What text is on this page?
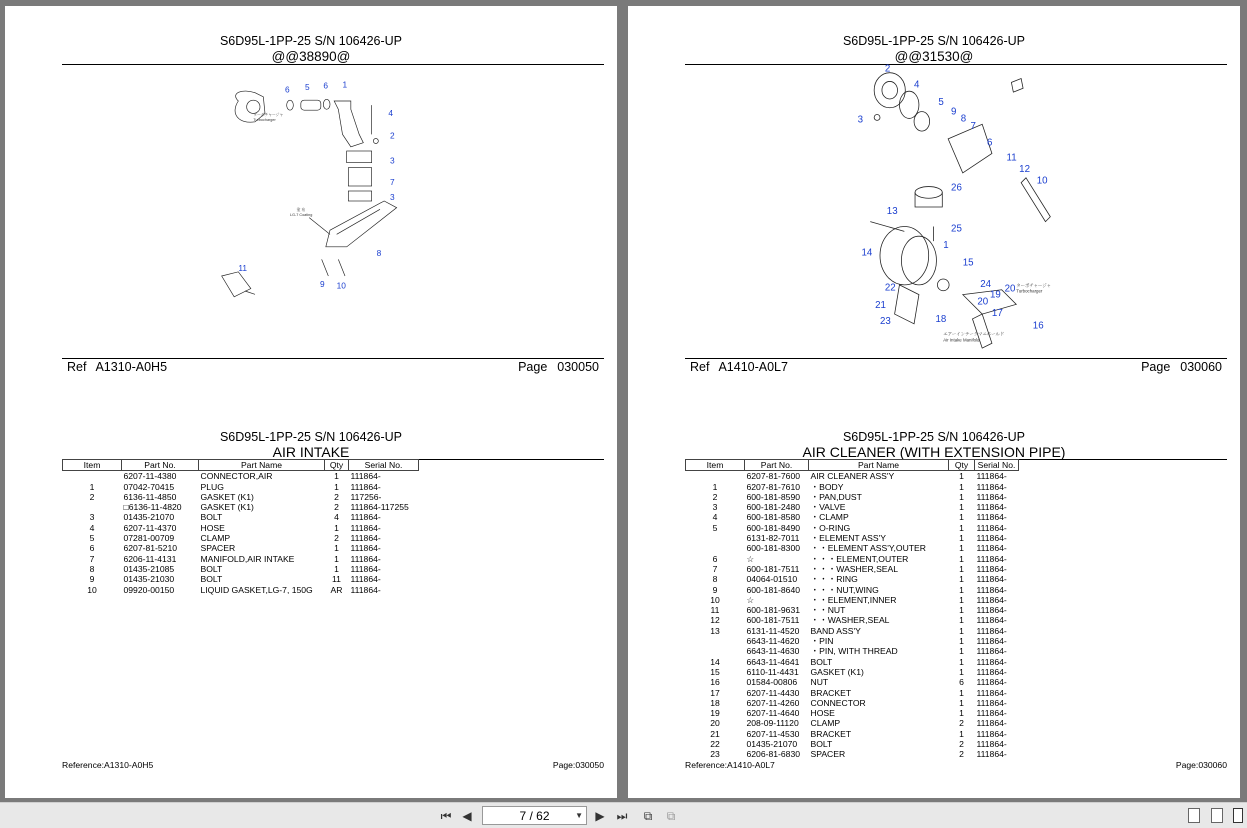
S6D95L-1PP-25 S/N 106426-UP
@@38890@
ターボチャージャ
Turbocharger
塗 布
LG-7 Coating
6 5 6 1
4
2
3
7
3
8
11
9 10
Ref A1310-A0H5	Page 030050
S6D95L-1PP-25 S/N 106426-UP
AIR INTAKE
Item	Part No.	Part Name	Qty	Serial No.
	6207-11-4380	CONNECTOR,AIR	1	111864-
1	07042-70415	PLUG	1	111864-
2	6136-11-4850	GASKET (K1)	2	117256-
	□6136-11-4820	GASKET (K1)	2	111864-117255
3	01435-21070	BOLT	4	111864-
4	6207-11-4370	HOSE	1	111864-
5	07281-00709	CLAMP	2	111864-
6	6207-81-5210	SPACER	1	111864-
7	6206-11-4131	MANIFOLD,AIR INTAKE	1	111864-
8	01435-21085	BOLT	1	111864-
9	01435-21030	BOLT	11	111864-
10	09920-00150	LIQUID GASKET,LG-7, 150G	AR	111864-
Reference:A1310-A0H5	Page:030050
S6D95L-1PP-25 S/N 106426-UP
@@31530@
ターボチャージャ
Turbocharger
エアーインテークマニホールド
Air Intake Manifold
2
4
5
9
8
7
3
6
11
12
10
26
13
25
1
14
15
22	24 20
19
20
21
17
23	18
16
Ref A1410-A0L7	Page 030060
S6D95L-1PP-25 S/N 106426-UP
AIR CLEANER (WITH EXTENSION PIPE)
Item	Part No.	Part Name	Qty	Serial No.
	6207-81-7600	AIR CLEANER ASS'Y	1	111864-
1	6207-81-7610	・BODY	1	111864-
2	600-181-8590	・PAN,DUST	1	111864-
3	600-181-2480	・VALVE	1	111864-
4	600-181-8580	・CLAMP	1	111864-
5	600-181-8490	・O-RING	1	111864-
	6131-82-7011	・ELEMENT ASS'Y	1	111864-
	600-181-8300	・・ELEMENT ASS'Y,OUTER	1	111864-
6	☆	・・・ELEMENT,OUTER	1	111864-
7	600-181-7511	・・・WASHER,SEAL	1	111864-
8	04064-01510	・・・RING	1	111864-
9	600-181-8640	・・・NUT,WING	1	111864-
10	☆	・・ELEMENT,INNER	1	111864-
11	600-181-9631	・・NUT	1	111864-
12	600-181-7511	・・WASHER,SEAL	1	111864-
13	6131-11-4520	BAND ASS'Y	1	111864-
	6643-11-4620	・PIN	1	111864-
	6643-11-4630	・PIN, WITH THREAD	1	111864-
14	6643-11-4641	BOLT	1	111864-
15	6110-11-4431	GASKET (K1)	1	111864-
16	01584-00806	NUT	6	111864-
17	6207-11-4430	BRACKET	1	111864-
18	6207-11-4260	CONNECTOR	1	111864-
19	6207-11-4640	HOSE	1	111864-
20	208-09-11120	CLAMP	2	111864-
21	6207-11-4530	BRACKET	1	111864-
22	01435-21070	BOLT	2	111864-
23	6206-81-6830	SPACER	2	111864-
Reference:A1410-A0L7	Page:030060
⏮ ◀	7 / 62	▼	▶ ⏭	⧉	⧉
